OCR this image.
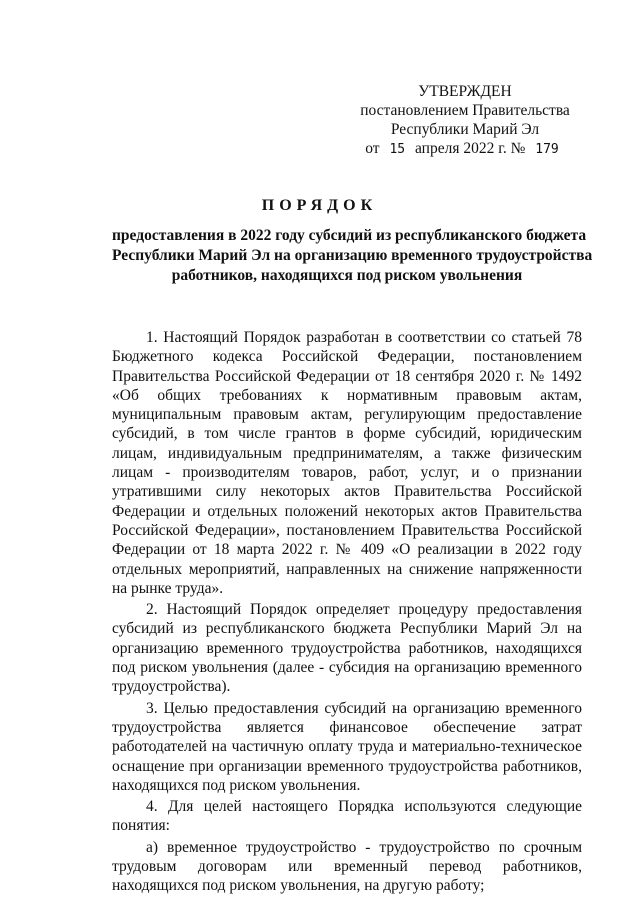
УТВЕРЖДЕН
постановлением Правительства
Республики Марий Эл
от 15 апреля 2022 г. № 179
ПОРЯДОК
предоставления в 2022 году субсидий из республиканского бюджета
Республики Марий Эл на организацию временного трудоустройства
работников, находящихся под риском увольнения

1. Настоящий Порядок разработан в соответствии со статьей 78 Бюджетного кодекса Российской Федерации, постановлением Правительства Российской Федерации от 18 сентября 2020 г. № 1492 «Об общих требованиях к нормативным правовым актам, муниципальным правовым актам, регулирующим предоставление субсидий, в том числе грантов в форме субсидий, юридическим лицам, индивидуальным предпринимателям, а также физическим лицам - производителям товаров, работ, услуг, и о признании утратившими силу некоторых актов Правительства Российской Федерации и отдельных положений некоторых актов Правительства Российской Федерации», постановлением Правительства Российской Федерации от 18 марта 2022 г. № 409 «О реализации в 2022 году отдельных мероприятий, направленных на снижение напряженности на рынке труда».

2. Настоящий Порядок определяет процедуру предоставления субсидий из республиканского бюджета Республики Марий Эл на организацию временного трудоустройства работников, находящихся под риском увольнения (далее - субсидия на организацию временного трудоустройства).

3. Целью предоставления субсидий на организацию временного трудоустройства является финансовое обеспечение затрат работодателей на частичную оплату труда и материально-техническое оснащение при организации временного трудоустройства работников, находящихся под риском увольнения.

4. Для целей настоящего Порядка используются следующие понятия:

а) временное трудоустройство - трудоустройство по срочным трудовым договорам или временный перевод работников, находящихся под риском увольнения, на другую работу;
